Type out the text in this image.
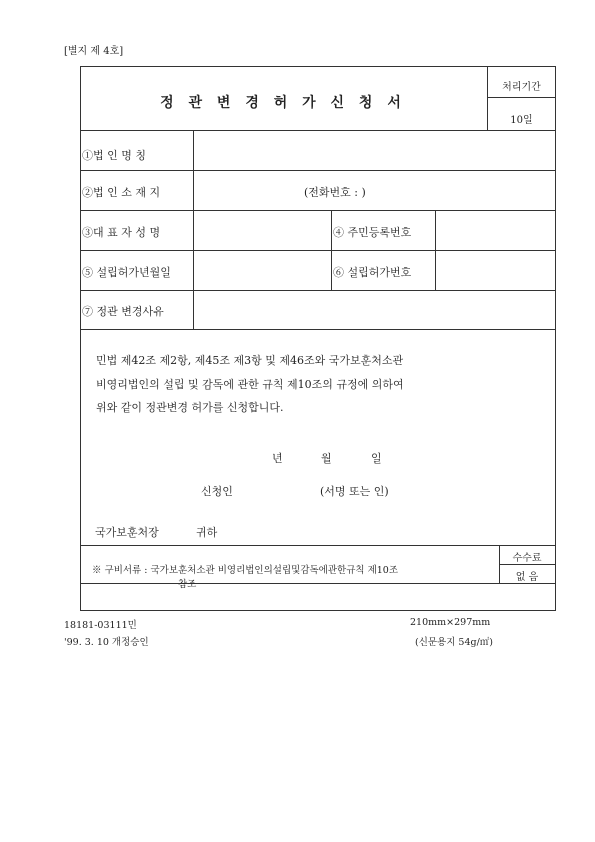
[별지 제 4호]
정 관 변 경 허 가 신 청 서
처리기간
10일
①법 인 명 칭
②법 인 소 재 지	(전화번호 : )
③대 표 자 성 명	④ 주민등록번호
⑤ 설립허가년월일	⑥ 설립허가번호
⑦ 정관 변경사유
민법 제42조 제2항, 제45조 제3항 및 제46조와 국가보훈처소관
비영리법인의 설립 및 감독에 관한 규칙 제10조의 규정에 의하여
위와 같이 정관변경 허가를 신청합니다.
년	월	일
신청인	(서명 또는 인)
국가보훈처장	귀하
※ 구비서류 : 국가보훈처소관 비영리법인의설립및감독에관한규칙 제10조
참조
수수료
없 음
18181-03111민
'99. 3. 10 개정승인
210mm×297mm
(신문용지 54g/㎡)
